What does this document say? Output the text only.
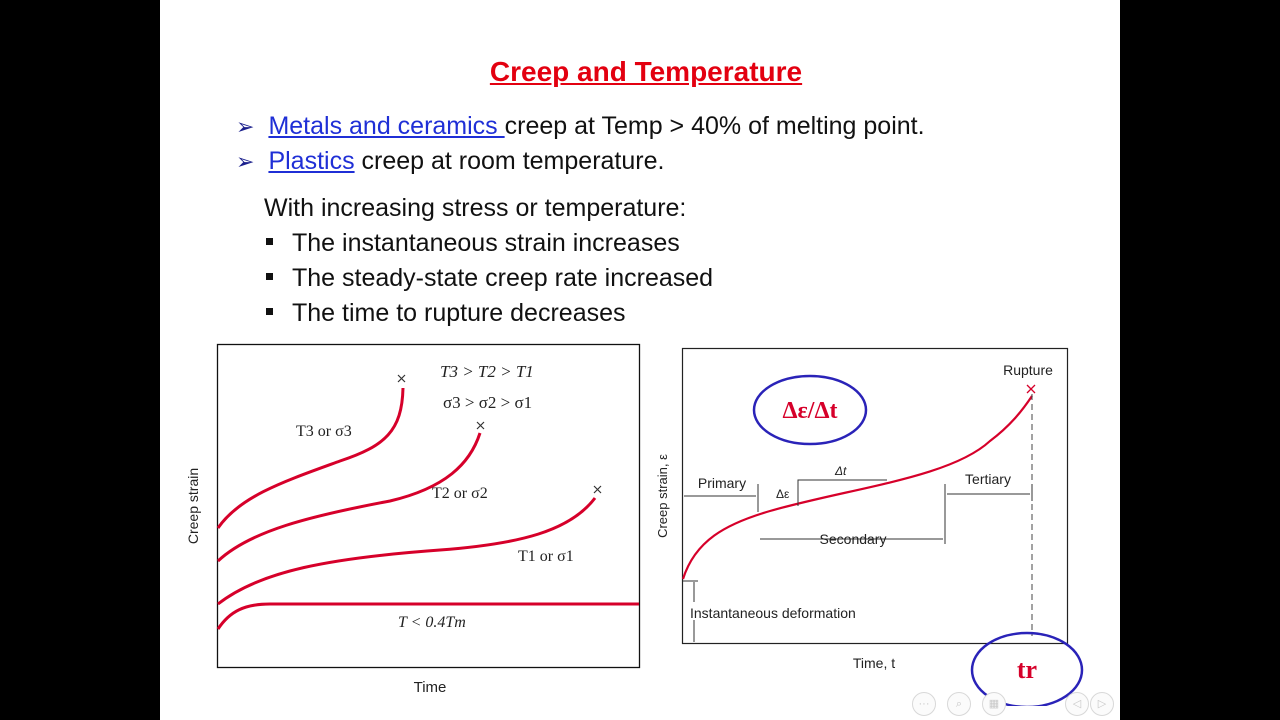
Creep and Temperature
➢ Metals and ceramics creep at Temp > 40% of melting point.
➢ Plastics creep at room temperature.
With increasing stress or temperature:
The instantaneous strain increases
The steady-state creep rate increased
The time to rupture decreases
Creep strain
Time
T3 > T2 > T1
σ3 > σ2 > σ1
T3 or σ3
T2 or σ2
T1 or σ1
T < 0.4Tm
Creep strain, ε
Time, t
Rupture
Primary
Secondary
Tertiary
Δε
Δt
Instantaneous deformation
Δε/Δt
tr
···	⌕	▦	◁	▷
